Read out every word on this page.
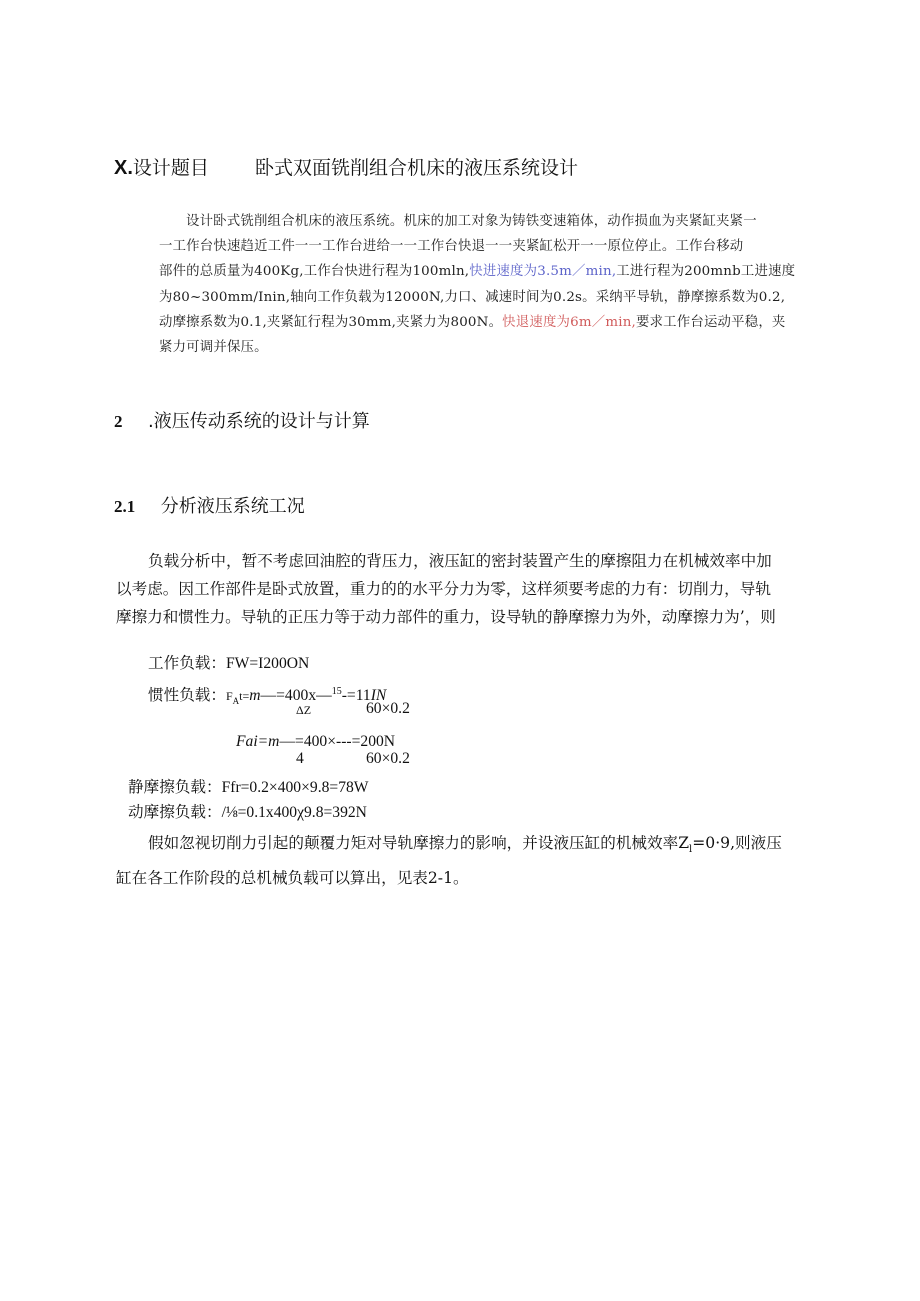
X.设计题目 卧式双面铣削组合机床的液压系统设计
设计卧式铣削组合机床的液压系统。机床的加工对象为铸铁变速箱体，动作损血为夹紧缸夹紧一
一工作台快速趋近工件一一工作台进给一一工作台快退一一夹紧缸松开一一原位停止。工作台移动
部件的总质量为400Kg,工作台快进行程为100mln,快进速度为3.5m／min,工进行程为200mnb工进速度
为80~300mm/Inin,轴向工作负载为12000N,力口、减速时间为0.2s。采纳平导轨，静摩擦系数为0.2,
动摩擦系数为0.1,夹紧缸行程为30mm,夹紧力为800N。快退速度为6m／min,要求工作台运动平稳，夹
紧力可调并保压。
2 .液压传动系统的设计与计算
2.1 分析液压系统工况
负载分析中，暂不考虑回油腔的背压力，液压缸的密封装置产生的摩擦阻力在机械效率中加
以考虑。因工作部件是卧式放置，重力的的水平分力为零，这样须要考虑的力有：切削力，导轨
摩擦力和惯性力。导轨的正压力等于动力部件的重力，设导轨的静摩擦力为外，动摩擦力为’，则
工作负载：FW=I200ON
惯性负载：$F_At=m—=400x—^{15}-=11IN$
ΔZ	60×0.2
Fai=m—=400×---=200N
4	60×0.2
静摩擦负载：Ffr=0.2×400×9.8=78W
动摩擦负载：/⅛=0.1x400χ9.8=392N
假如忽视切削力引起的颠覆力矩对导轨摩擦力的影响，并设液压缸的机械效率$Z_l=0\cdot 9$,则液压
缸在各工作阶段的总机械负载可以算出，见表2-1。
